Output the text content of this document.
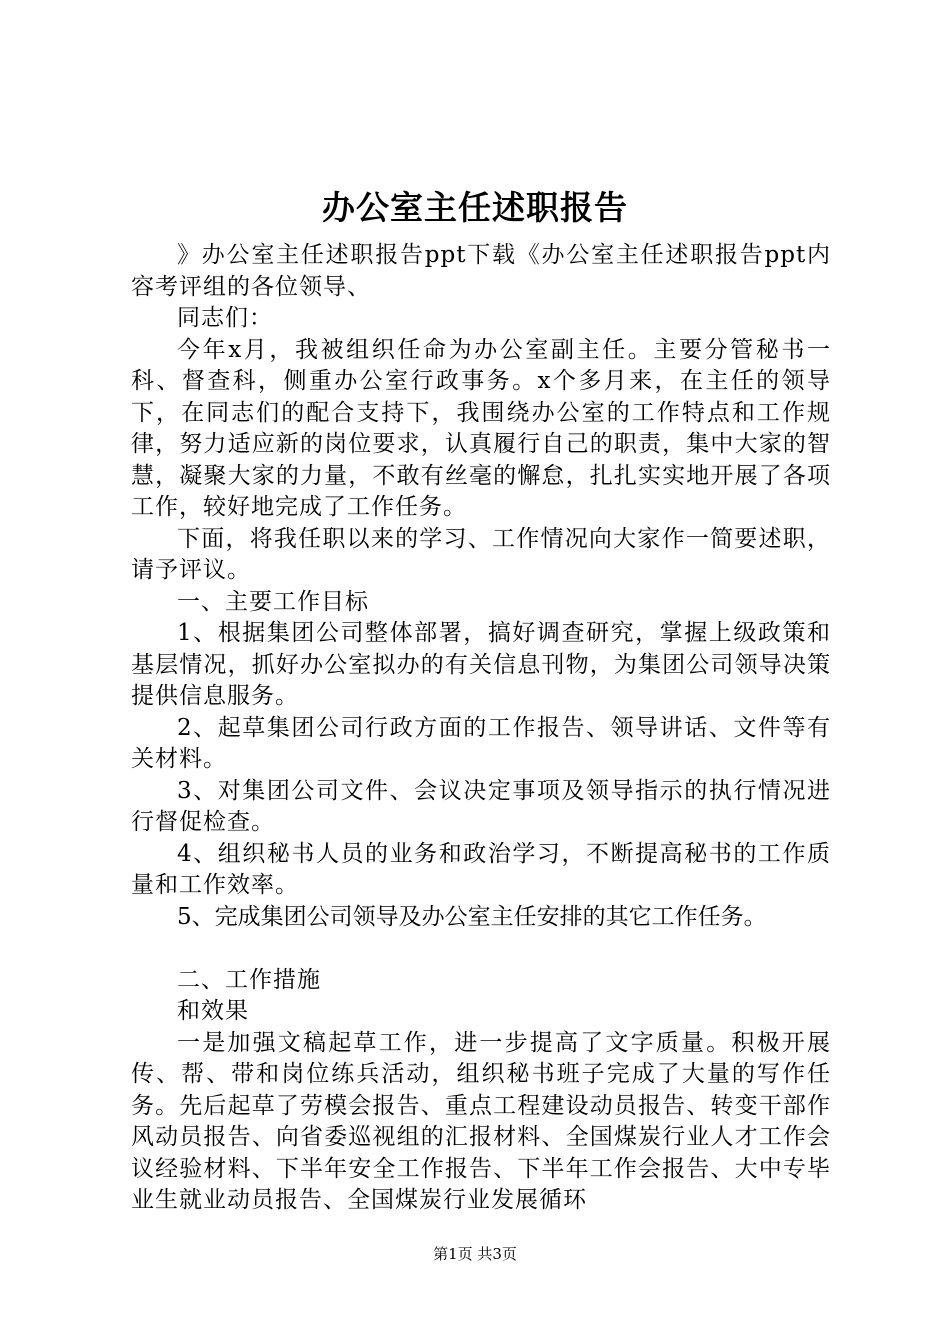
办公室主任述职报告

》办公室主任述职报告ppt下载《办公室主任述职报告ppt内容考评组的各位领导、

同志们：

今年x月，我被组织任命为办公室副主任。主要分管秘书一科、督查科，侧重办公室行政事务。x个多月来，在主任的领导下，在同志们的配合支持下，我围绕办公室的工作特点和工作规律，努力适应新的岗位要求，认真履行自己的职责，集中大家的智慧，凝聚大家的力量，不敢有丝毫的懈怠，扎扎实实地开展了各项工作，较好地完成了工作任务。

下面，将我任职以来的学习、工作情况向大家作一简要述职，请予评议。

一、主要工作目标

1、根据集团公司整体部署，搞好调查研究，掌握上级政策和基层情况，抓好办公室拟办的有关信息刊物，为集团公司领导决策提供信息服务。

2、起草集团公司行政方面的工作报告、领导讲话、文件等有关材料。

3、对集团公司文件、会议决定事项及领导指示的执行情况进行督促检查。

4、组织秘书人员的业务和政治学习，不断提高秘书的工作质量和工作效率。

5、完成集团公司领导及办公室主任安排的其它工作任务。

二、工作措施

和效果

一是加强文稿起草工作，进一步提高了文字质量。积极开展传、帮、带和岗位练兵活动，组织秘书班子完成了大量的写作任务。先后起草了劳模会报告、重点工程建设动员报告、转变干部作风动员报告、向省委巡视组的汇报材料、全国煤炭行业人才工作会议经验材料、下半年安全工作报告、下半年工作会报告、大中专毕业生就业动员报告、全国煤炭行业发展循环

第1页 共3页
